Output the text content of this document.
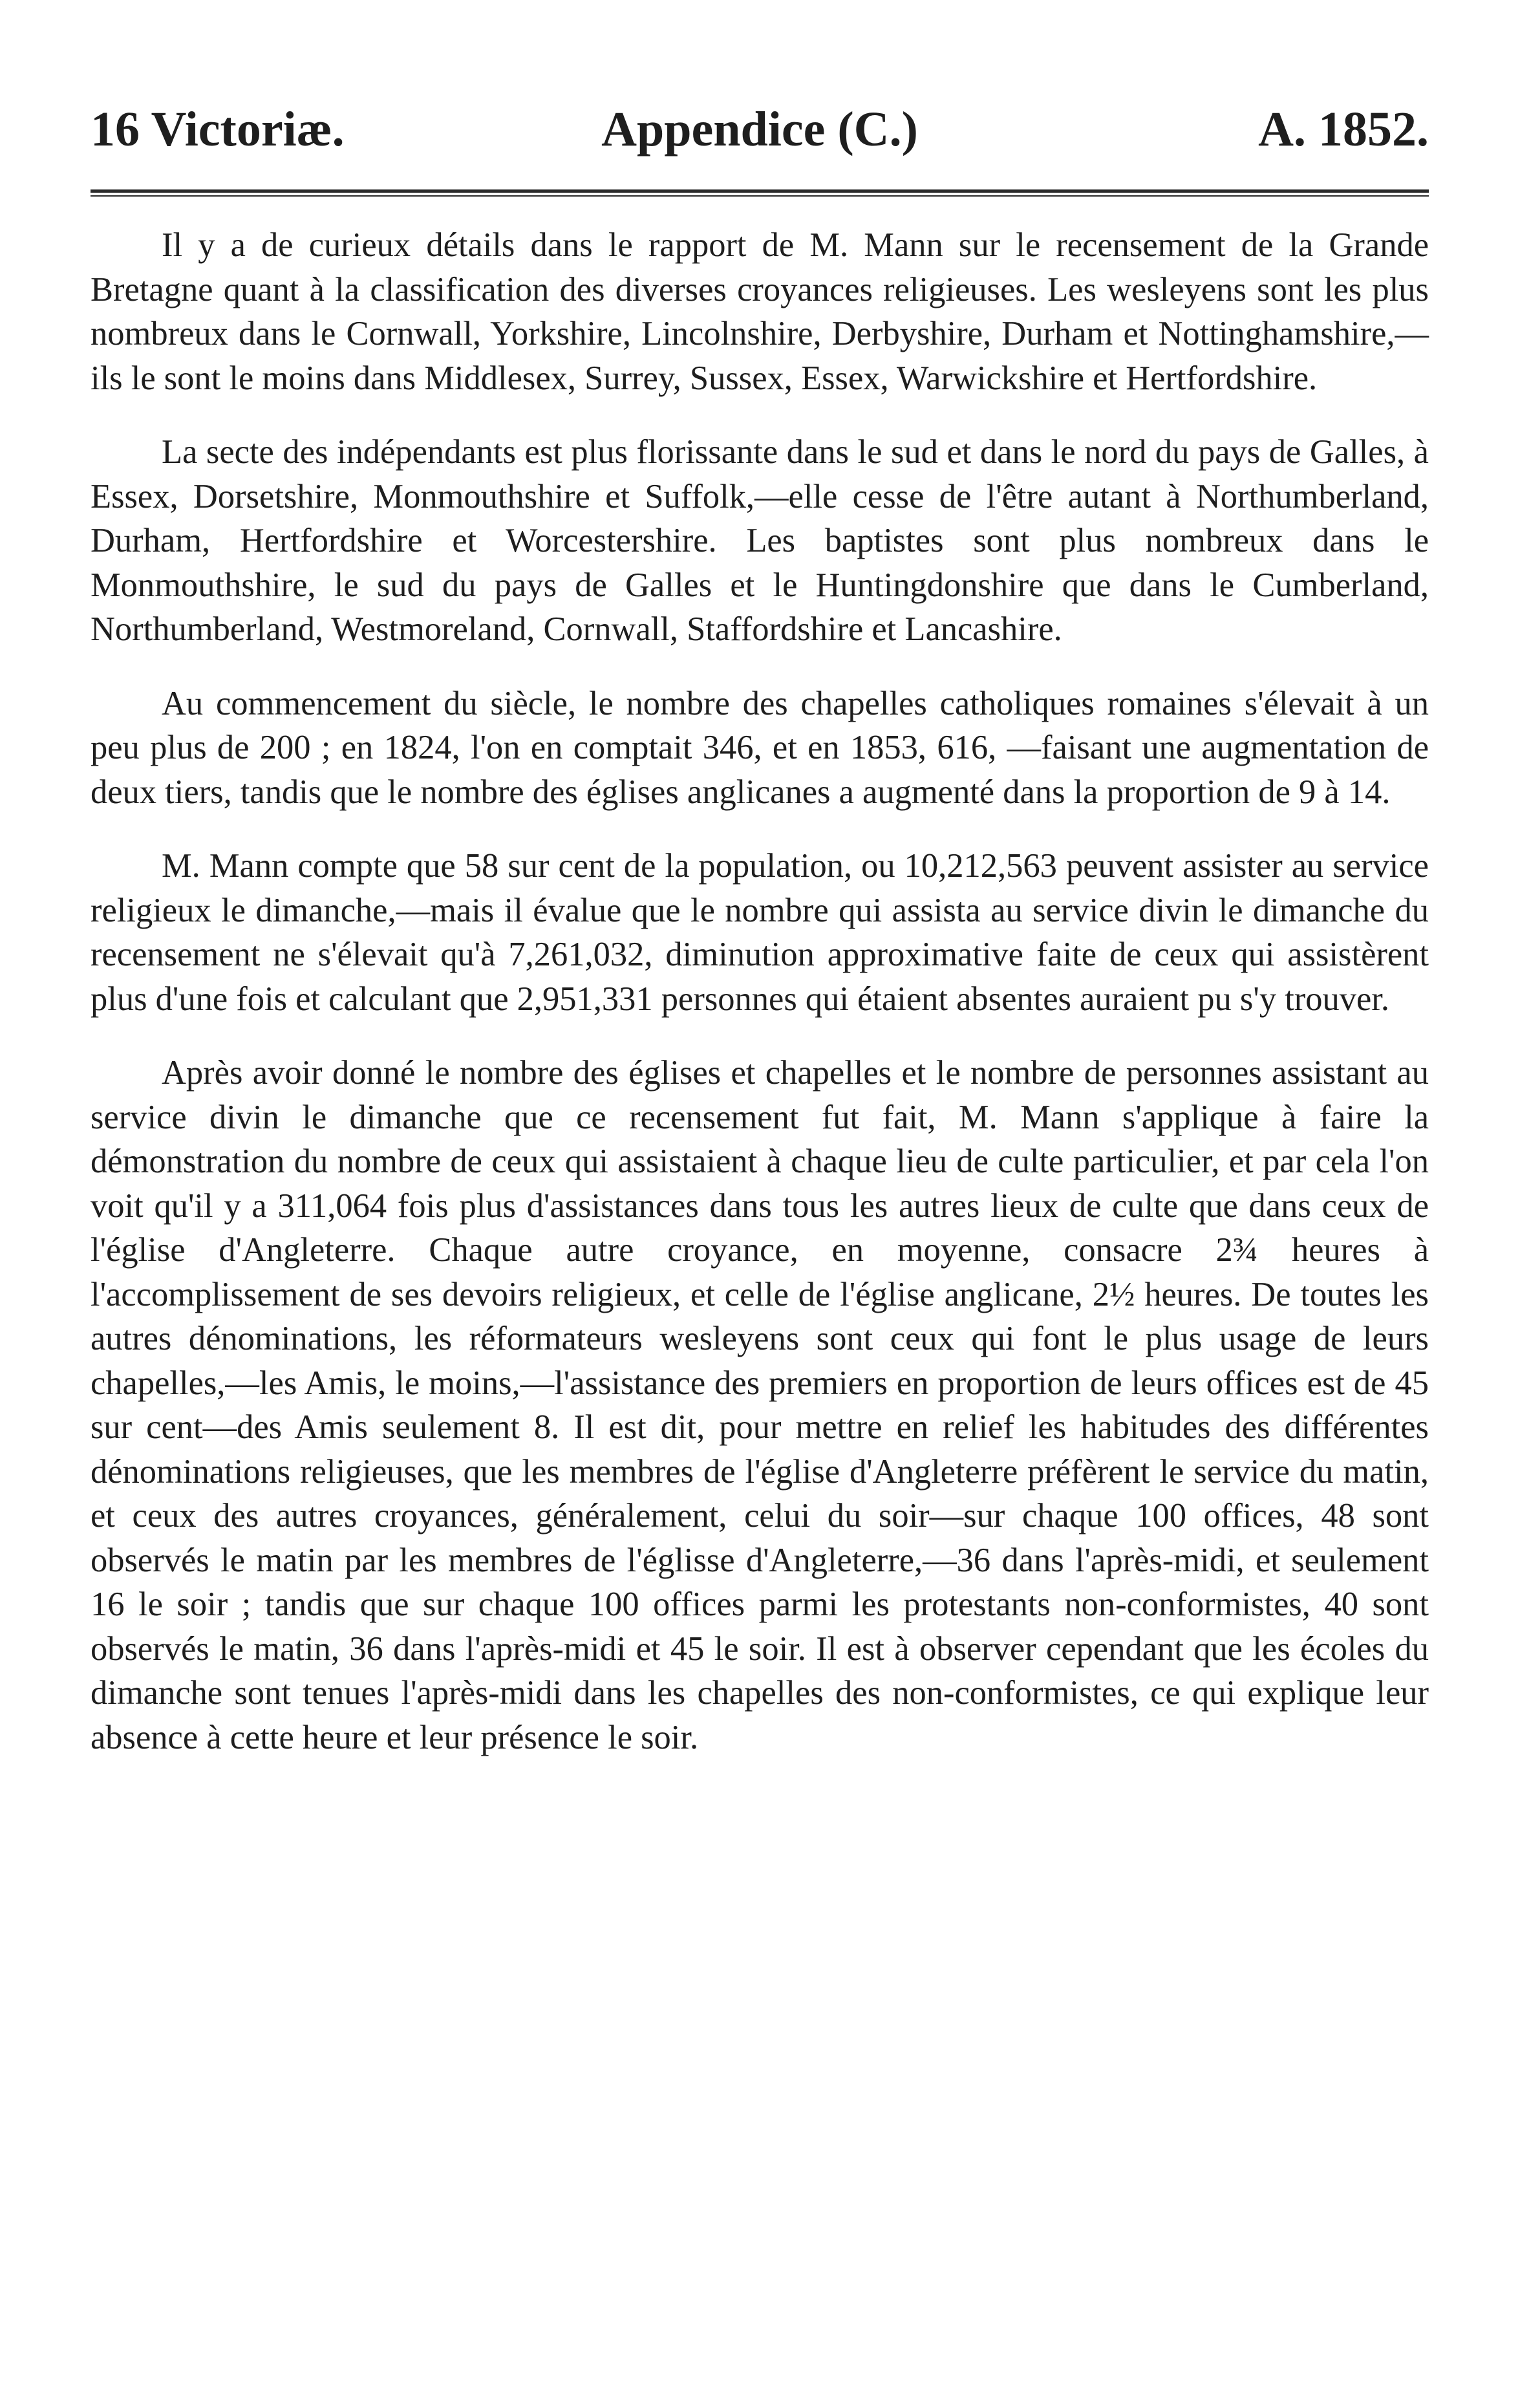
16 Victoriæ.	Appendice (C.)	A. 1852.

Il y a de curieux détails dans le rapport de M. Mann sur le recensement de la Grande Bretagne quant à la classification des diverses croyances religieuses. Les wesleyens sont les plus nombreux dans le Cornwall, Yorkshire, Lincolnshire, Derbyshire, Durham et Nottinghamshire,—ils le sont le moins dans Middlesex, Surrey, Sussex, Essex, Warwickshire et Hertfordshire.

La secte des indépendants est plus florissante dans le sud et dans le nord du pays de Galles, à Essex, Dorsetshire, Monmouthshire et Suffolk,—elle cesse de l'être autant à Northumberland, Durham, Hertfordshire et Worcestershire. Les baptistes sont plus nombreux dans le Monmouthshire, le sud du pays de Galles et le Huntingdonshire que dans le Cumberland, Northumberland, Westmoreland, Cornwall, Staffordshire et Lancashire.

Au commencement du siècle, le nombre des chapelles catholiques romaines s'élevait à un peu plus de 200 ; en 1824, l'on en comptait 346, et en 1853, 616, —faisant une augmentation de deux tiers, tandis que le nombre des églises anglicanes a augmenté dans la proportion de 9 à 14.

M. Mann compte que 58 sur cent de la population, ou 10,212,563 peuvent assister au service religieux le dimanche,—mais il évalue que le nombre qui assista au service divin le dimanche du recensement ne s'élevait qu'à 7,261,032, diminution approximative faite de ceux qui assistèrent plus d'une fois et calculant que 2,951,331 personnes qui étaient absentes auraient pu s'y trouver.

Après avoir donné le nombre des églises et chapelles et le nombre de personnes assistant au service divin le dimanche que ce recensement fut fait, M. Mann s'applique à faire la démonstration du nombre de ceux qui assistaient à chaque lieu de culte particulier, et par cela l'on voit qu'il y a 311,064 fois plus d'assistances dans tous les autres lieux de culte que dans ceux de l'église d'Angleterre. Chaque autre croyance, en moyenne, consacre 2¾ heures à l'accomplissement de ses devoirs religieux, et celle de l'église anglicane, 2½ heures. De toutes les autres dénominations, les réformateurs wesleyens sont ceux qui font le plus usage de leurs chapelles,—les Amis, le moins,—l'assistance des premiers en proportion de leurs offices est de 45 sur cent—des Amis seulement 8. Il est dit, pour mettre en relief les habitudes des différentes dénominations religieuses, que les membres de l'église d'Angleterre préfèrent le service du matin, et ceux des autres croyances, généralement, celui du soir—sur chaque 100 offices, 48 sont observés le matin par les membres de l'églisse d'Angleterre,—36 dans l'après-midi, et seulement 16 le soir ; tandis que sur chaque 100 offices parmi les protestants non-conformistes, 40 sont observés le matin, 36 dans l'après-midi et 45 le soir. Il est à observer cependant que les écoles du dimanche sont tenues l'après-midi dans les chapelles des non-conformistes, ce qui explique leur absence à cette heure et leur présence le soir.
